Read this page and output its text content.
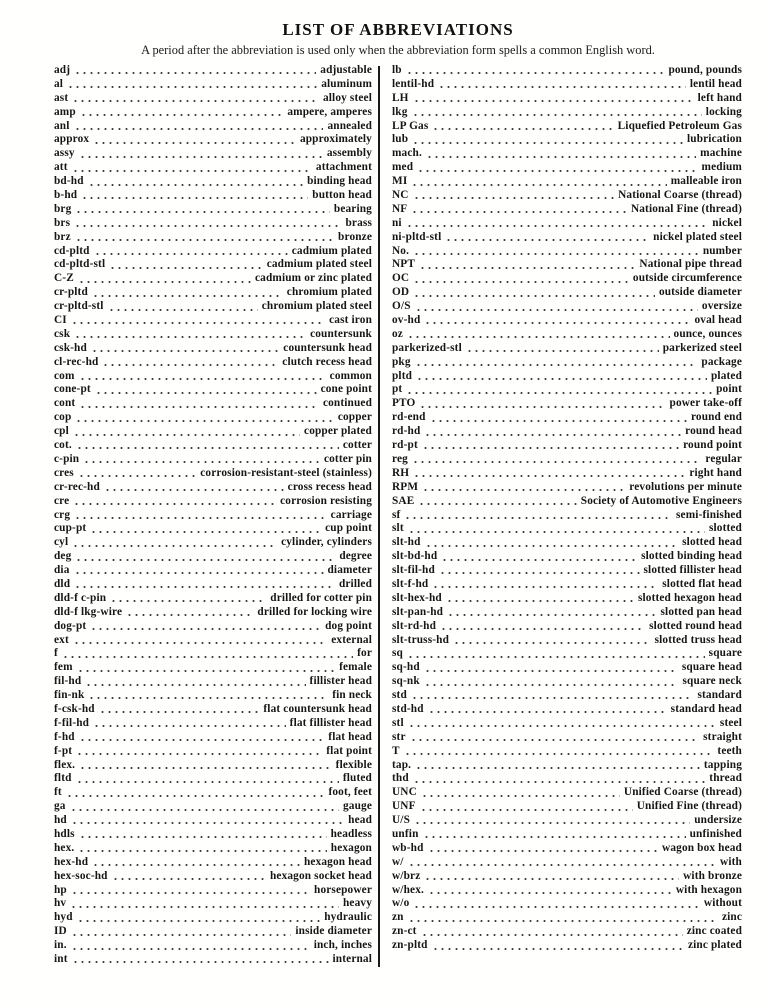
LIST OF ABBREVIATIONS

A period after the abbreviation is used only when the abbreviation form spells a common English word.

adj	adjustable
al	aluminum
ast	alloy steel
amp	ampere, amperes
anl	annealed
approx	approximately
assy	assembly
att	attachment
bd-hd	binding head
b-hd	button head
brg	bearing
brs	brass
brz	bronze
cd-pltd	cadmium plated
cd-pltd-stl	cadmium plated steel
C-Z	cadmium or zinc plated
cr-pltd	chromium plated
cr-pltd-stl	chromium plated steel
CI	cast iron
csk	countersunk
csk-hd	countersunk head
cl-rec-hd	clutch recess head
com	common
cone-pt	cone point
cont	continued
cop	copper
cpl	copper plated
cot.	cotter
c-pin	cotter pin
cres	corrosion-resistant-steel (stainless)
cr-rec-hd	cross recess head
cre	corrosion resisting
crg	carriage
cup-pt	cup point
cyl	cylinder, cylinders
deg	degree
dia	diameter
dld	drilled
dld-f c-pin	drilled for cotter pin
dld-f lkg-wire	drilled for locking wire
dog-pt	dog point
ext	external
f	for
fem	female
fil-hd	fillister head
fin-nk	fin neck
f-csk-hd	flat countersunk head
f-fil-hd	flat fillister head
f-hd	flat head
f-pt	flat point
flex.	flexible
fltd	fluted
ft	foot, feet
ga	gauge
hd	head
hdls	headless
hex.	hexagon
hex-hd	hexagon head
hex-soc-hd	hexagon socket head
hp	horsepower
hv	heavy
hyd	hydraulic
ID	inside diameter
in.	inch, inches
int	internal
lb	pound, pounds
lentil-hd	lentil head
LH	left hand
lkg	locking
LP Gas	Liquefied Petroleum Gas
lub	lubrication
mach.	machine
med	medium
MI	malleable iron
NC	National Coarse (thread)
NF	National Fine (thread)
ni	nickel
ni-pltd-stl	nickel plated steel
No.	number
NPT	National pipe thread
OC	outside circumference
OD	outside diameter
O/S	oversize
ov-hd	oval head
oz	ounce, ounces
parkerized-stl	parkerized steel
pkg	package
pltd	plated
pt	point
PTO	power take-off
rd-end	round end
rd-hd	round head
rd-pt	round point
reg	regular
RH	right hand
RPM	revolutions per minute
SAE	Society of Automotive Engineers
sf	semi-finished
slt	slotted
slt-hd	slotted head
slt-bd-hd	slotted binding head
slt-fil-hd	slotted fillister head
slt-f-hd	slotted flat head
slt-hex-hd	slotted hexagon head
slt-pan-hd	slotted pan head
slt-rd-hd	slotted round head
slt-truss-hd	slotted truss head
sq	square
sq-hd	square head
sq-nk	square neck
std	standard
std-hd	standard head
stl	steel
str	straight
T	teeth
tap.	tapping
thd	thread
UNC	Unified Coarse (thread)
UNF	Unified Fine (thread)
U/S	undersize
unfin	unfinished
wb-hd	wagon box head
w/	with
w/brz	with bronze
w/hex.	with hexagon
w/o	without
zn	zinc
zn-ct	zinc coated
zn-pltd	zinc plated
